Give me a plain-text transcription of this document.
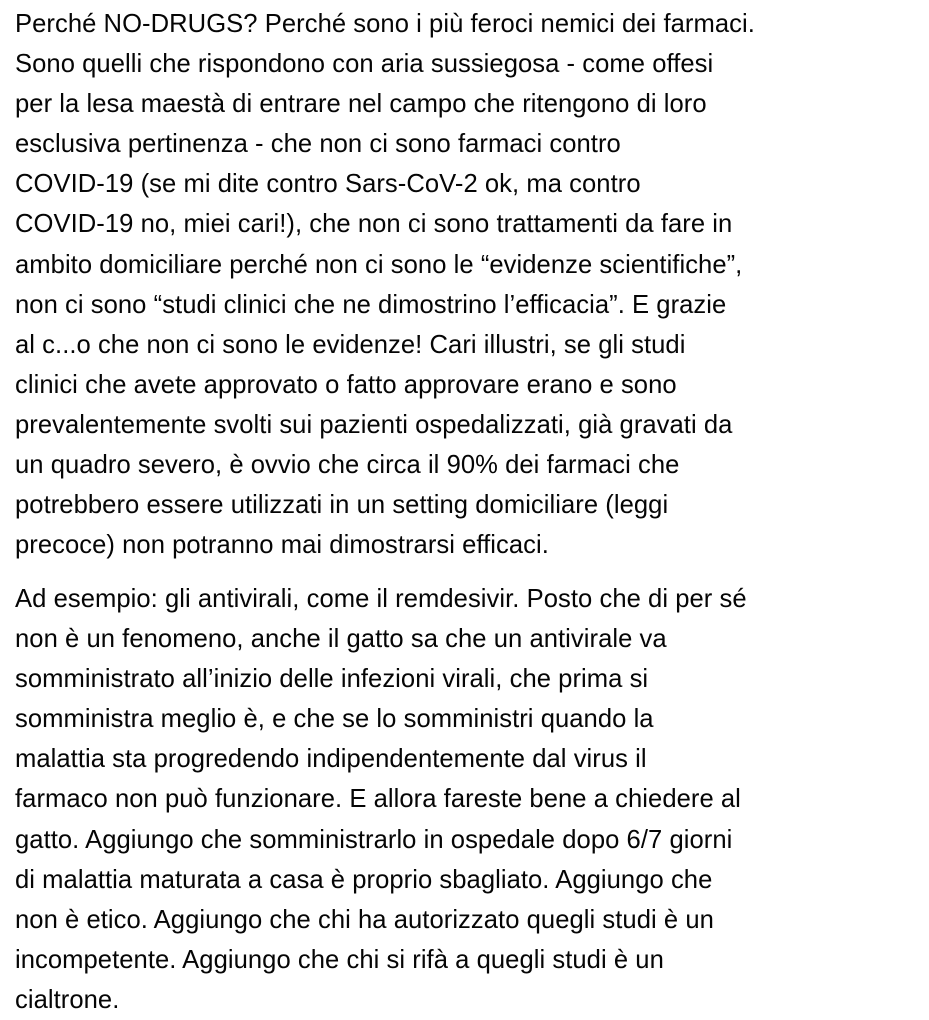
Perché NO-DRUGS? Perché sono i più feroci nemici dei farmaci.
Sono quelli che rispondono con aria sussiegosa - come offesi
per la lesa maestà di entrare nel campo che ritengono di loro
esclusiva pertinenza - che non ci sono farmaci contro
COVID-19 (se mi dite contro Sars-CoV-2 ok, ma contro
COVID-19 no, miei cari!), che non ci sono trattamenti da fare in
ambito domiciliare perché non ci sono le “evidenze scientifiche”,
non ci sono “studi clinici che ne dimostrino l’efficacia”. E grazie
al c...o che non ci sono le evidenze! Cari illustri, se gli studi
clinici che avete approvato o fatto approvare erano e sono
prevalentemente svolti sui pazienti ospedalizzati, già gravati da
un quadro severo, è ovvio che circa il 90% dei farmaci che
potrebbero essere utilizzati in un setting domiciliare (leggi
precoce) non potranno mai dimostrarsi efficaci.

Ad esempio: gli antivirali, come il remdesivir. Posto che di per sé
non è un fenomeno, anche il gatto sa che un antivirale va
somministrato all’inizio delle infezioni virali, che prima si
somministra meglio è, e che se lo somministri quando la
malattia sta progredendo indipendentemente dal virus il
farmaco non può funzionare. E allora fareste bene a chiedere al
gatto. Aggiungo che somministrarlo in ospedale dopo 6/7 giorni
di malattia maturata a casa è proprio sbagliato. Aggiungo che
non è etico. Aggiungo che chi ha autorizzato quegli studi è un
incompetente. Aggiungo che chi si rifà a quegli studi è un
cialtrone.
